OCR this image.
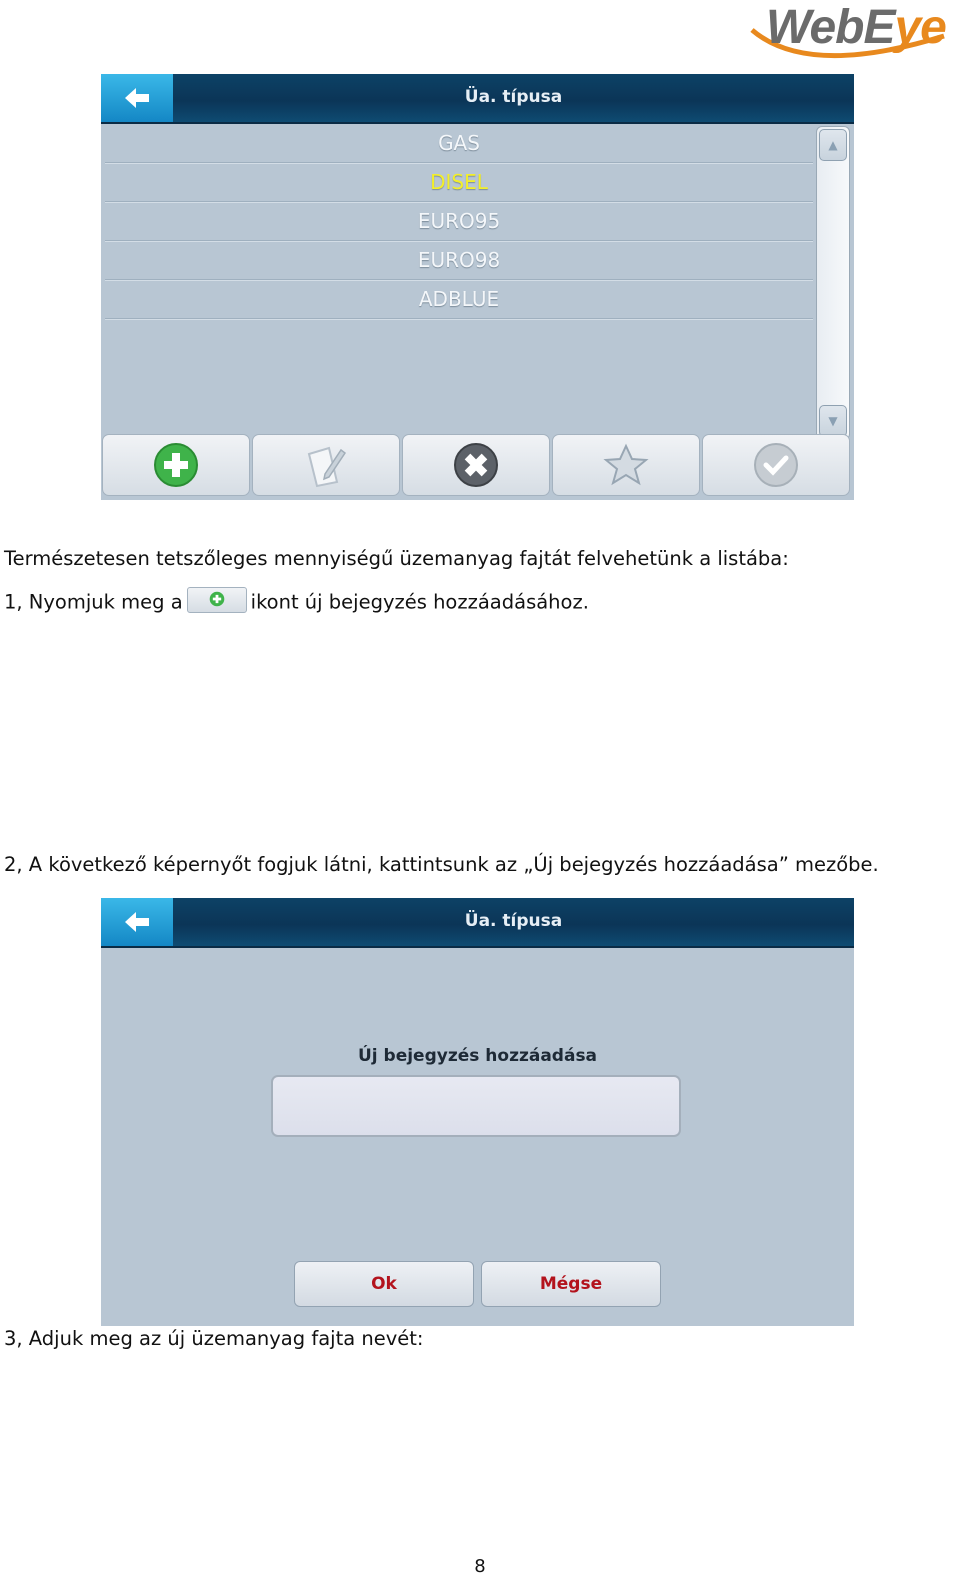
WebEye
Üa. típusa
GAS
DISEL
EURO95
EURO98
ADBLUE
▲
▼
Természetesen tetszőleges mennyiségű üzemanyag fajtát felvehetünk a listába:
1, Nyomjuk meg a	ikont új bejegyzés hozzáadásához.
2, A következő képernyőt fogjuk látni, kattintsunk az „Új bejegyzés hozzáadása” mezőbe.
Üa. típusa
Új bejegyzés hozzáadása
Ok	Mégse
3, Adjuk meg az új üzemanyag fajta nevét:
8
